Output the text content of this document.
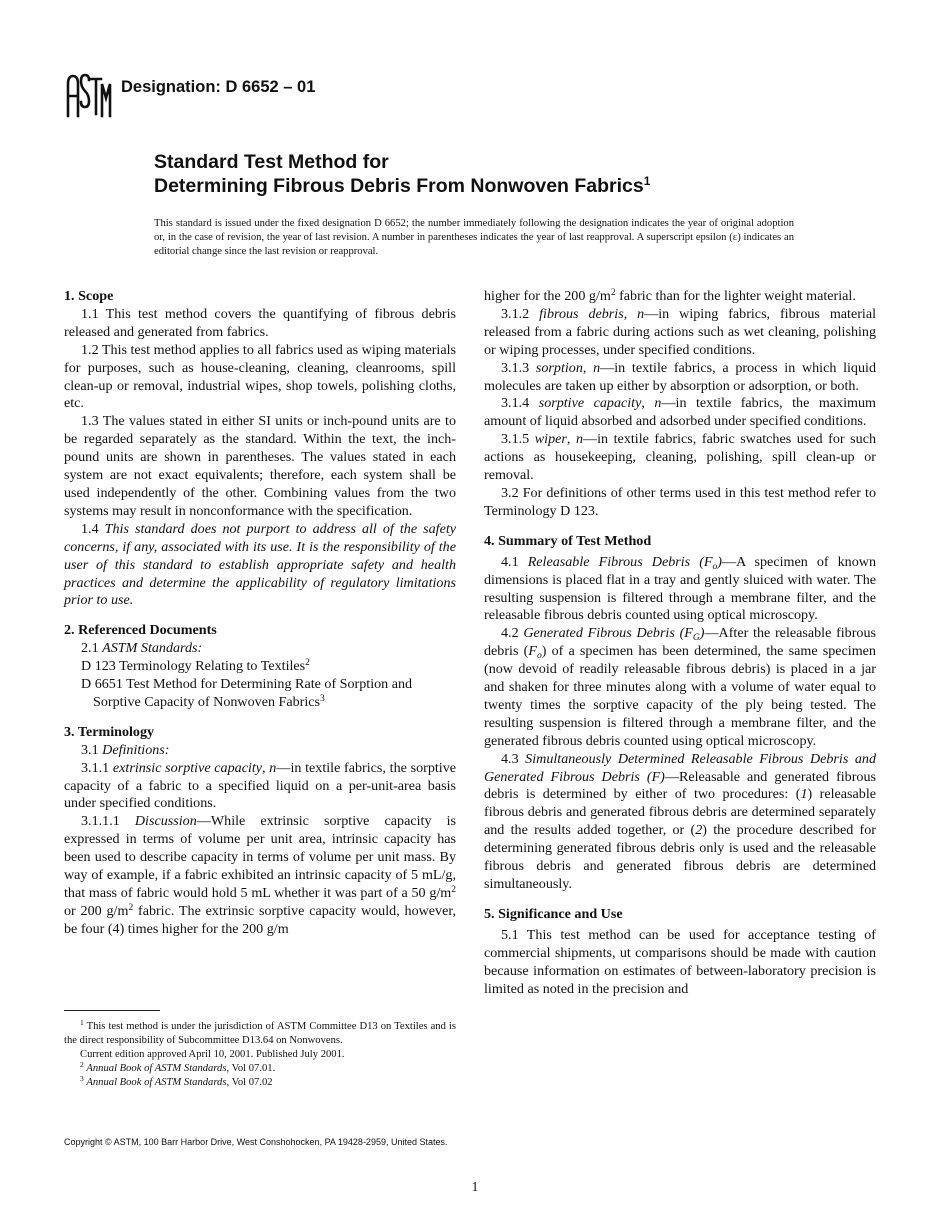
Designation: D 6652 – 01
Standard Test Method for
Determining Fibrous Debris From Nonwoven Fabrics$^1$

This standard is issued under the fixed designation D 6652; the number immediately following the designation indicates the year of original adoption or, in the case of revision, the year of last revision. A number in parentheses indicates the year of last reapproval. A superscript epsilon (ε) indicates an editorial change since the last revision or reapproval.

1. Scope

1.1 This test method covers the quantifying of fibrous debris released and generated from fabrics.

1.2 This test method applies to all fabrics used as wiping materials for purposes, such as house-cleaning, cleaning, cleanrooms, spill clean-up or removal, industrial wipes, shop towels, polishing cloths, etc.

1.3 The values stated in either SI units or inch-pound units are to be regarded separately as the standard. Within the text, the inch-pound units are shown in parentheses. The values stated in each system are not exact equivalents; therefore, each system shall be used independently of the other. Combining values from the two systems may result in nonconformance with the specification.

1.4 This standard does not purport to address all of the safety concerns, if any, associated with its use. It is the responsibility of the user of this standard to establish appropriate safety and health practices and determine the applicability of regulatory limitations prior to use.

2. Referenced Documents

2.1 ASTM Standards:

D 123 Terminology Relating to Textiles$^2$

D 6651 Test Method for Determining Rate of Sorption and Sorptive Capacity of Nonwoven Fabrics$^3$

3. Terminology

3.1 Definitions:

3.1.1 extrinsic sorptive capacity, n—in textile fabrics, the sorptive capacity of a fabric to a specified liquid on a per-unit-area basis under specified conditions.

3.1.1.1 Discussion—While extrinsic sorptive capacity is expressed in terms of volume per unit area, intrinsic capacity has been used to describe capacity in terms of volume per unit mass. By way of example, if a fabric exhibited an intrinsic capacity of 5 mL/g, that mass of fabric would hold 5 mL whether it was part of a 50 $g/m^2$ or 200 $g/m^2$ fabric. The extrinsic sorptive capacity would, however, be four (4) times higher for the 200 g/m

higher for the 200 $g/m^2$ fabric than for the lighter weight material.

3.1.2 fibrous debris, n—in wiping fabrics, fibrous material released from a fabric during actions such as wet cleaning, polishing or wiping processes, under specified conditions.

3.1.3 sorption, n—in textile fabrics, a process in which liquid molecules are taken up either by absorption or adsorption, or both.

3.1.4 sorptive capacity, n—in textile fabrics, the maximum amount of liquid absorbed and adsorbed under specified conditions.

3.1.5 wiper, n—in textile fabrics, fabric swatches used for such actions as housekeeping, cleaning, polishing, spill clean-up or removal.

3.2 For definitions of other terms used in this test method refer to Terminology D 123.

4. Summary of Test Method

4.1 Releasable Fibrous Debris $(F_o)—A$ specimen of known dimensions is placed flat in a tray and gently sluiced with water. The resulting suspension is filtered through a membrane filter, and the releasable fibrous debris counted using optical microscopy.

4.2 Generated Fibrous Debris $(F_G)—After$ the releasable fibrous debris $(F_o)$ of a specimen has been determined, the same specimen (now devoid of readily releasable fibrous debris) is placed in a jar and shaken for three minutes along with a volume of water equal to twenty times the sorptive capacity of the ply being tested. The resulting suspension is filtered through a membrane filter, and the generated fibrous debris counted using optical microscopy.

4.3 Simultaneously Determined Releasable Fibrous Debris and Generated Fibrous Debris (F)—Releasable and generated fibrous debris is determined by either of two procedures: (1) releasable fibrous debris and generated fibrous debris are determined separately and the results added together, or (2) the procedure described for determining generated fibrous debris only is used and the releasable fibrous debris and generated fibrous debris are determined simultaneously.

5. Significance and Use

5.1 This test method can be used for acceptance testing of commercial shipments, ut comparisons should be made with caution because information on estimates of between-laboratory precision is limited as noted in the precision and

$^1$ This test method is under the jurisdiction of ASTM Committee D13 on Textiles and is the direct responsibility of Subcommittee D13.64 on Nonwovens.

Current edition approved April 10, 2001. Published July 2001.

$^2$ Annual Book of ASTM Standards, Vol 07.01.

$^3$ Annual Book of ASTM Standards, Vol 07.02

Copyright © ASTM, 100 Barr Harbor Drive, West Conshohocken, PA 19428-2959, United States.
1
